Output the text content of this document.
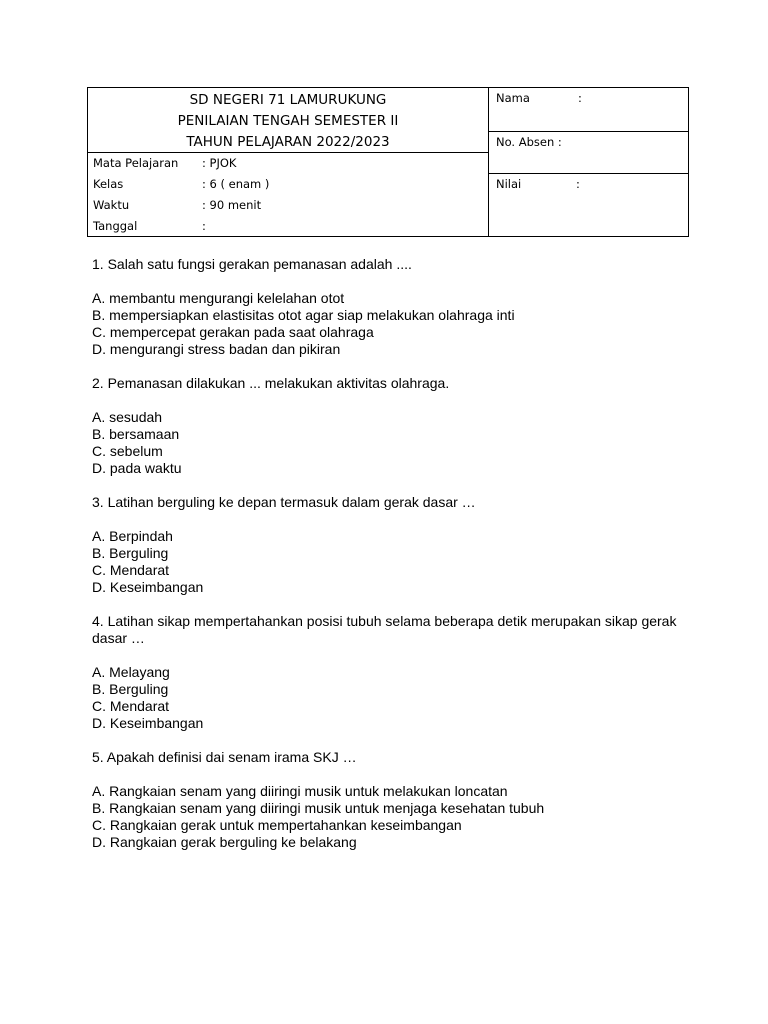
SD NEGERI 71 LAMURUKUNG
PENILAIAN TENGAH SEMESTER II
TAHUN PELAJARAN 2022/2023
Mata Pelajaran : PJOK
Kelas	: 6 ( enam )
Waktu	: 90 menit
Tanggal	:
Nama	:
No. Absen :
Nilai	:
1. Salah satu fungsi gerakan pemanasan adalah ....
A. membantu mengurangi kelelahan otot
B. mempersiapkan elastisitas otot agar siap melakukan olahraga inti
C. mempercepat gerakan pada saat olahraga
D. mengurangi stress badan dan pikiran
2. Pemanasan dilakukan ... melakukan aktivitas olahraga.
A. sesudah
B. bersamaan
C. sebelum
D. pada waktu
3. Latihan berguling ke depan termasuk dalam gerak dasar …
A. Berpindah
B. Berguling
C. Mendarat
D. Keseimbangan
4. Latihan sikap mempertahankan posisi tubuh selama beberapa detik merupakan sikap gerak dasar …
A. Melayang
B. Berguling
C. Mendarat
D. Keseimbangan
5. Apakah definisi dai senam irama SKJ …
A. Rangkaian senam yang diiringi musik untuk melakukan loncatan
B. Rangkaian senam yang diiringi musik untuk menjaga kesehatan tubuh
C. Rangkaian gerak untuk mempertahankan keseimbangan
D. Rangkaian gerak berguling ke belakang
